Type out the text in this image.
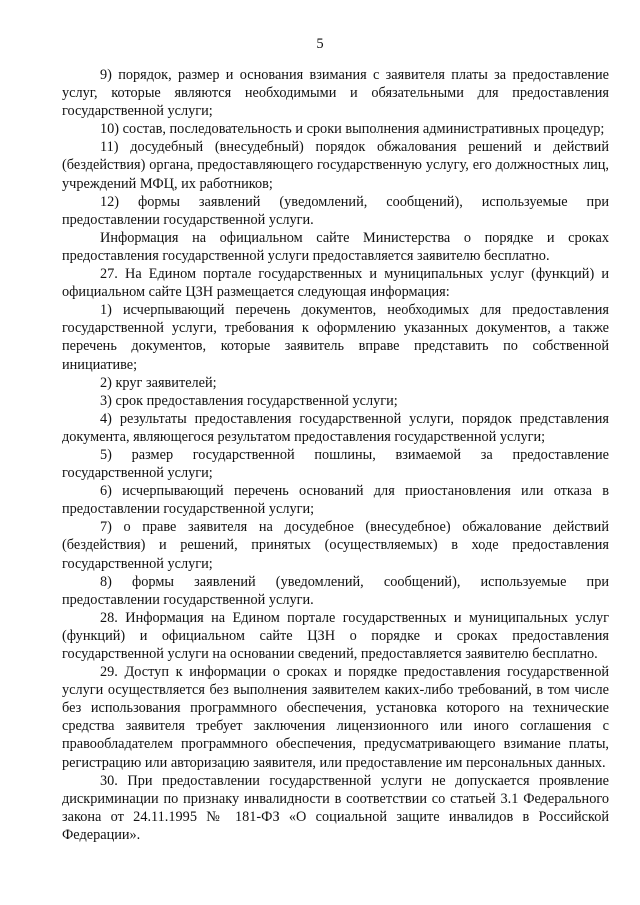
5

9) порядок, размер и основания взимания с заявителя платы за предоставление услуг, которые являются необходимыми и обязательными для предоставления государственной услуги;

10) состав, последовательность и сроки выполнения административных процедур;

11) досудебный (внесудебный) порядок обжалования решений и действий (бездействия) органа, предоставляющего государственную услугу, его должностных лиц, учреждений МФЦ, их работников;

12) формы заявлений (уведомлений, сообщений), используемые при предоставлении государственной услуги.

Информация на официальном сайте Министерства о порядке и сроках предоставления государственной услуги предоставляется заявителю бесплатно.

27. На Едином портале государственных и муниципальных услуг (функций) и официальном сайте ЦЗН размещается следующая информация:

1) исчерпывающий перечень документов, необходимых для предоставления государственной услуги, требования к оформлению указанных документов, а также перечень документов, которые заявитель вправе представить по собственной инициативе;

2) круг заявителей;

3) срок предоставления государственной услуги;

4) результаты предоставления государственной услуги, порядок представления документа, являющегося результатом предоставления государственной услуги;

5) размер государственной пошлины, взимаемой за предоставление государственной услуги;

6) исчерпывающий перечень оснований для приостановления или отказа в предоставлении государственной услуги;

7) о праве заявителя на досудебное (внесудебное) обжалование действий (бездействия) и решений, принятых (осуществляемых) в ходе предоставления государственной услуги;

8) формы заявлений (уведомлений, сообщений), используемые при предоставлении государственной услуги.

28. Информация на Едином портале государственных и муниципальных услуг (функций) и официальном сайте ЦЗН о порядке и сроках предоставления государственной услуги на основании сведений, предоставляется заявителю бесплатно.

29. Доступ к информации о сроках и порядке предоставления государственной услуги осуществляется без выполнения заявителем каких-либо требований, в том числе без использования программного обеспечения, установка которого на технические средства заявителя требует заключения лицензионного или иного соглашения с правообладателем программного обеспечения, предусматривающего взимание платы, регистрацию или авторизацию заявителя, или предоставление им персональных данных.

30. При предоставлении государственной услуги не допускается проявление дискриминации по признаку инвалидности в соответствии со статьей 3.1 Федерального закона от 24.11.1995 № 181-ФЗ «О социальной защите инвалидов в Российской Федерации».
